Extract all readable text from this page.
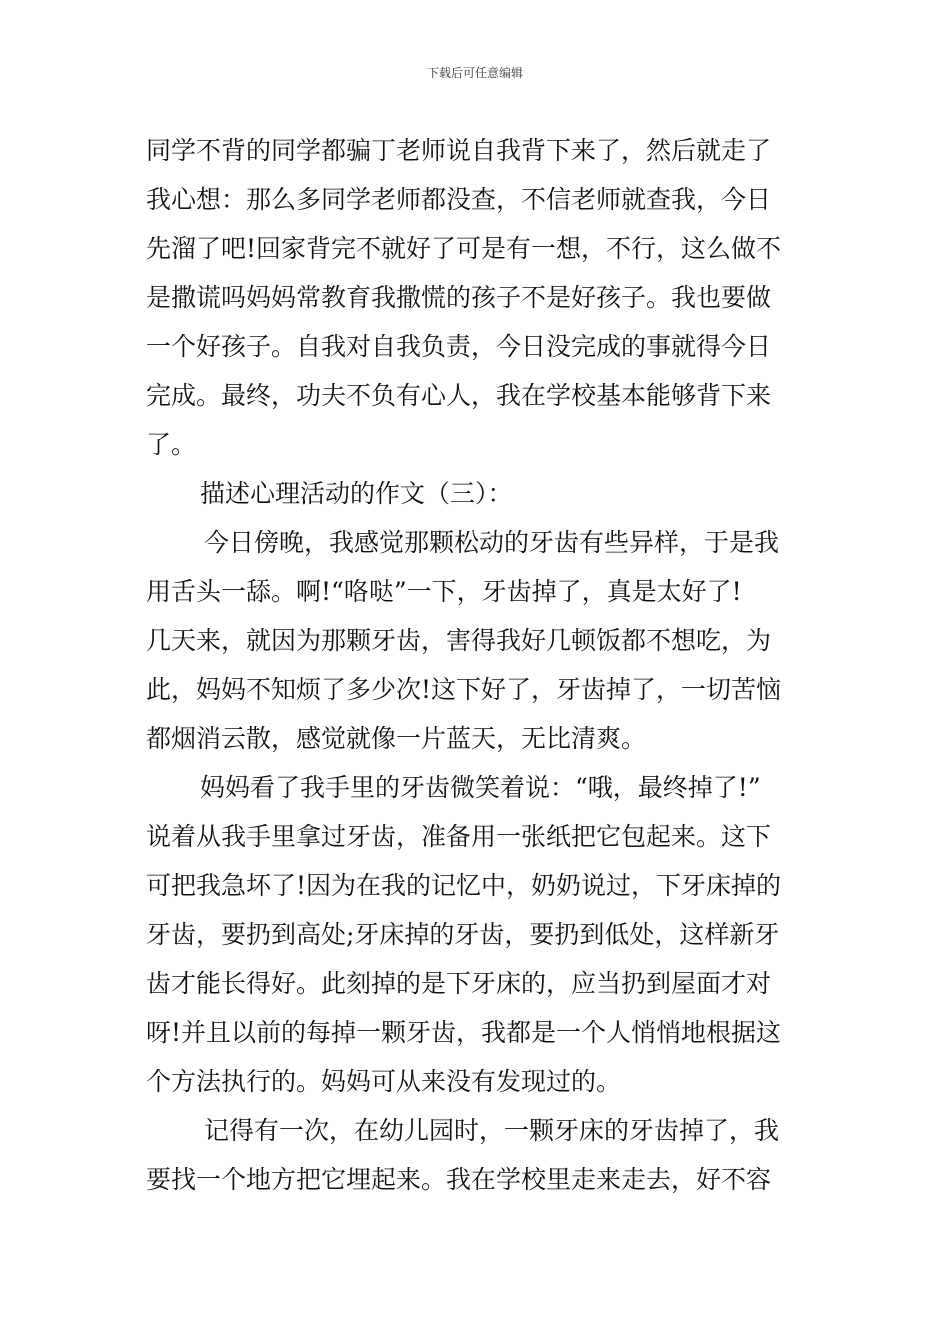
下载后可任意编辑
同学不背的同学都骗丁老师说自我背下来了，然后就走了
我心想：那么多同学老师都没查，不信老师就查我，今日
先溜了吧!回家背完不就好了可是有一想，不行，这么做不
是撒谎吗妈妈常教育我撒慌的孩子不是好孩子。我也要做
一个好孩子。自我对自我负责，今日没完成的事就得今日
完成。最终，功夫不负有心人，我在学校基本能够背下来
了。
描述心理活动的作文（三）：
今日傍晚，我感觉那颗松动的牙齿有些异样，于是我
用舌头一舔。啊!“咯哒”一下，牙齿掉了，真是太好了!
几天来，就因为那颗牙齿，害得我好几顿饭都不想吃，为
此，妈妈不知烦了多少次!这下好了，牙齿掉了，一切苦恼
都烟消云散，感觉就像一片蓝天，无比清爽。
妈妈看了我手里的牙齿微笑着说：“哦，最终掉了!”
说着从我手里拿过牙齿，准备用一张纸把它包起来。这下
可把我急坏了!因为在我的记忆中，奶奶说过，下牙床掉的
牙齿，要扔到高处;牙床掉的牙齿，要扔到低处，这样新牙
齿才能长得好。此刻掉的是下牙床的，应当扔到屋面才对
呀!并且以前的每掉一颗牙齿，我都是一个人悄悄地根据这
个方法执行的。妈妈可从来没有发现过的。
记得有一次，在幼儿园时，一颗牙床的牙齿掉了，我
要找一个地方把它埋起来。我在学校里走来走去，好不容
